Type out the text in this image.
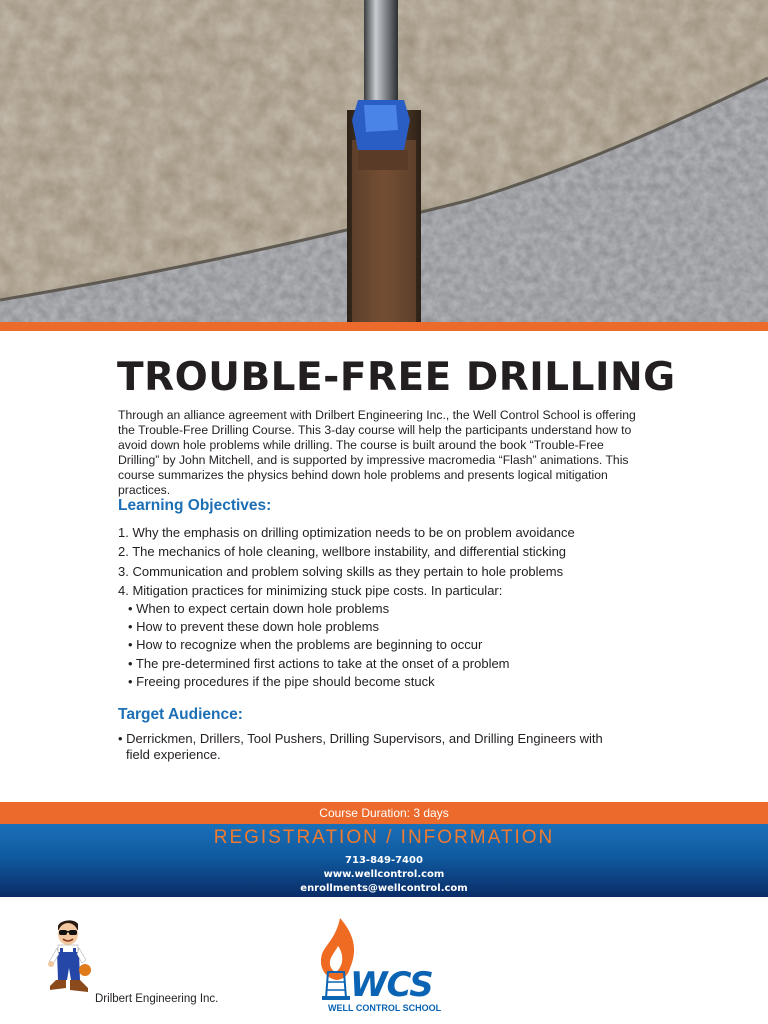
TROUBLE-FREE DRILLING

Through an alliance agreement with Drilbert Engineering Inc., the Well Control School is offering the Trouble-Free Drilling Course. This 3-day course will help the participants understand how to avoid down hole problems while drilling. The course is built around the book “Trouble-Free Drilling” by John Mitchell, and is supported by impressive macromedia “Flash” animations. This course summarizes the physics behind down hole problems and presents logical mitigation practices.

Learning Objectives:
1. Why the emphasis on drilling optimization needs to be on problem avoidance
2. The mechanics of hole cleaning, wellbore instability, and differential sticking
3. Communication and problem solving skills as they pertain to hole problems
4. Mitigation practices for minimizing stuck pipe costs. In particular:
• When to expect certain down hole problems
• How to prevent these down hole problems
• How to recognize when the problems are beginning to occur
• The pre-determined first actions to take at the onset of a problem
• Freeing procedures if the pipe should become stuck
Target Audience:

• Derrickmen, Drillers, Tool Pushers, Drilling Supervisors, and Drilling Engineers with field experience.

Course Duration: 3 days

REGISTRATION / INFORMATION

713-849-7400

www.wellcontrol.com

enrollments@wellcontrol.com

Drilbert Engineering Inc.	WCS
WELL CONTROL SCHOOL
